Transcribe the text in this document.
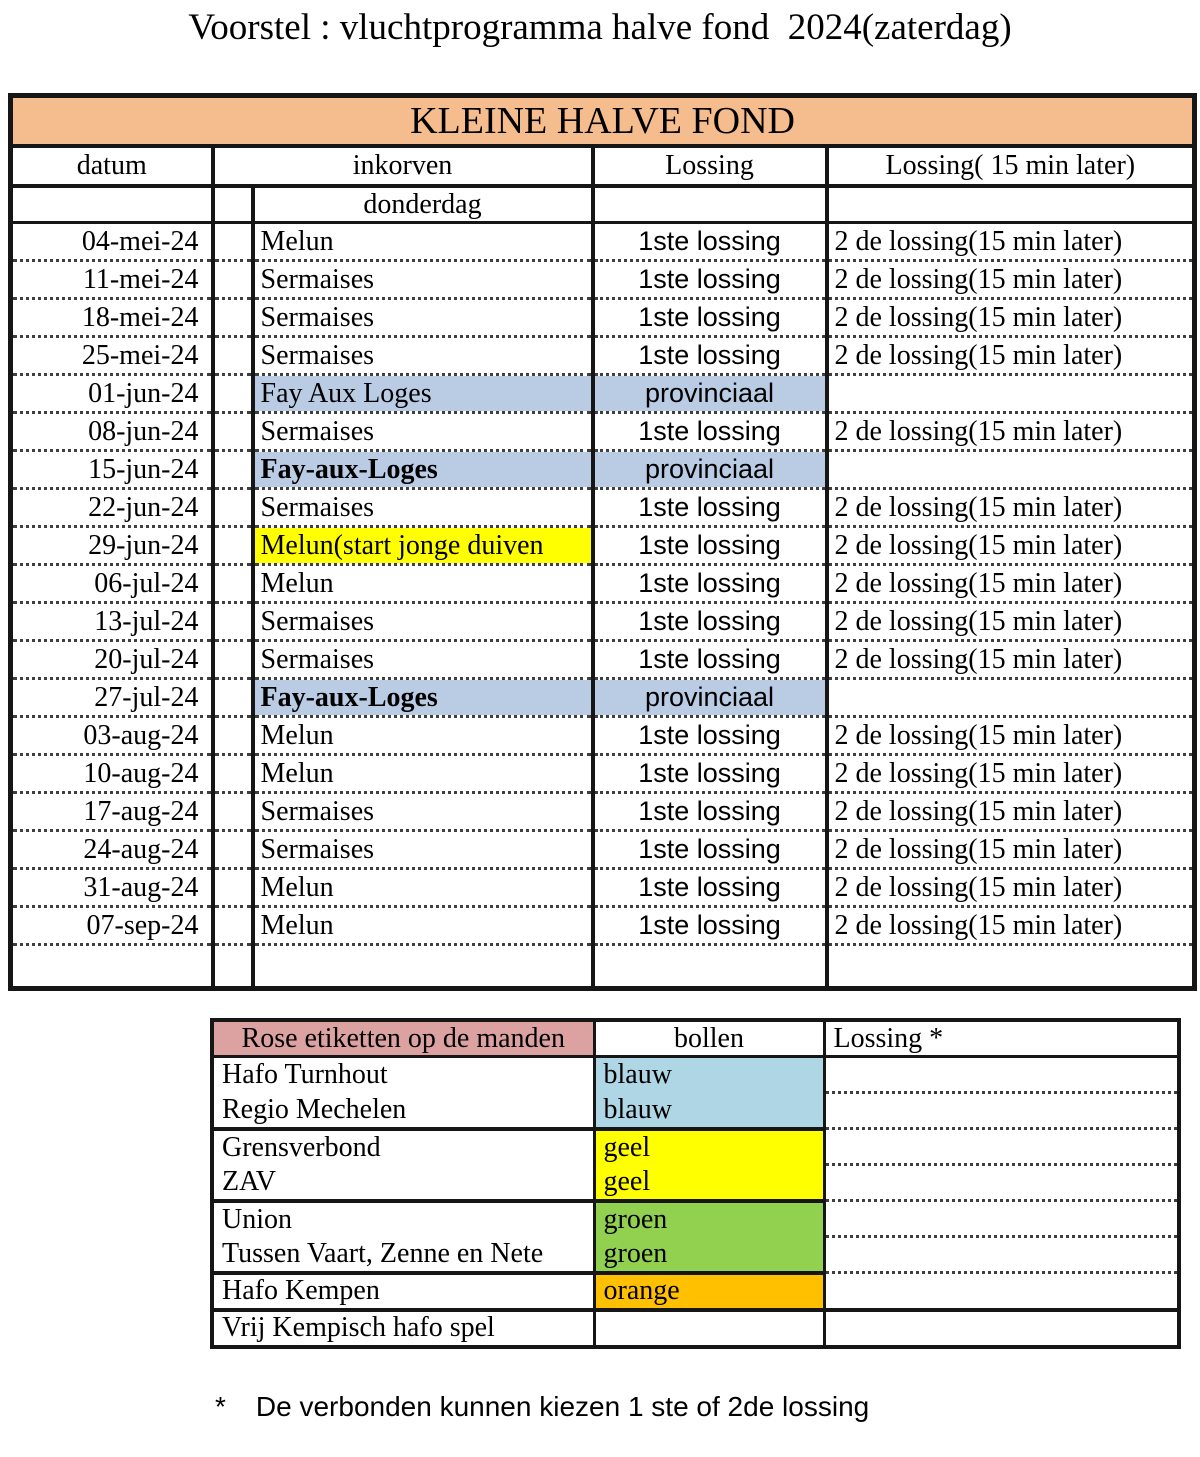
Voorstel : vluchtprogramma halve fond  2024(zaterdag)
KLEINE HALVE FOND				
datum	inkorven		Lossing	Lossing( 15 min later)
		donderdag		
04-mei-24		Melun	1ste lossing	2 de lossing(15 min later)
11-mei-24		Sermaises	1ste lossing	2 de lossing(15 min later)
18-mei-24		Sermaises	1ste lossing	2 de lossing(15 min later)
25-mei-24		Sermaises	1ste lossing	2 de lossing(15 min later)
01-jun-24		Fay Aux Loges	provinciaal	
08-jun-24		Sermaises	1ste lossing	2 de lossing(15 min later)
15-jun-24		Fay-aux-Loges	provinciaal	
22-jun-24		Sermaises	1ste lossing	2 de lossing(15 min later)
29-jun-24		Melun(start jonge duiven	1ste lossing	2 de lossing(15 min later)
06-jul-24		Melun	1ste lossing	2 de lossing(15 min later)
13-jul-24		Sermaises	1ste lossing	2 de lossing(15 min later)
20-jul-24		Sermaises	1ste lossing	2 de lossing(15 min later)
27-jul-24		Fay-aux-Loges	provinciaal	
03-aug-24		Melun	1ste lossing	2 de lossing(15 min later)
10-aug-24		Melun	1ste lossing	2 de lossing(15 min later)
17-aug-24		Sermaises	1ste lossing	2 de lossing(15 min later)
24-aug-24		Sermaises	1ste lossing	2 de lossing(15 min later)
31-aug-24		Melun	1ste lossing	2 de lossing(15 min later)
07-sep-24		Melun	1ste lossing	2 de lossing(15 min later)

Rose etiketten op de manden	bollen	Lossing *
Hafo Turnhout	blauw	
Regio Mechelen	blauw	
Grensverbond	geel	
ZAV	geel	
Union	groen	
Tussen Vaart, Zenne en Nete	groen	
Hafo Kempen	orange	
Vrij Kempisch hafo spel		
* De verbonden kunnen kiezen 1 ste of 2de lossing
